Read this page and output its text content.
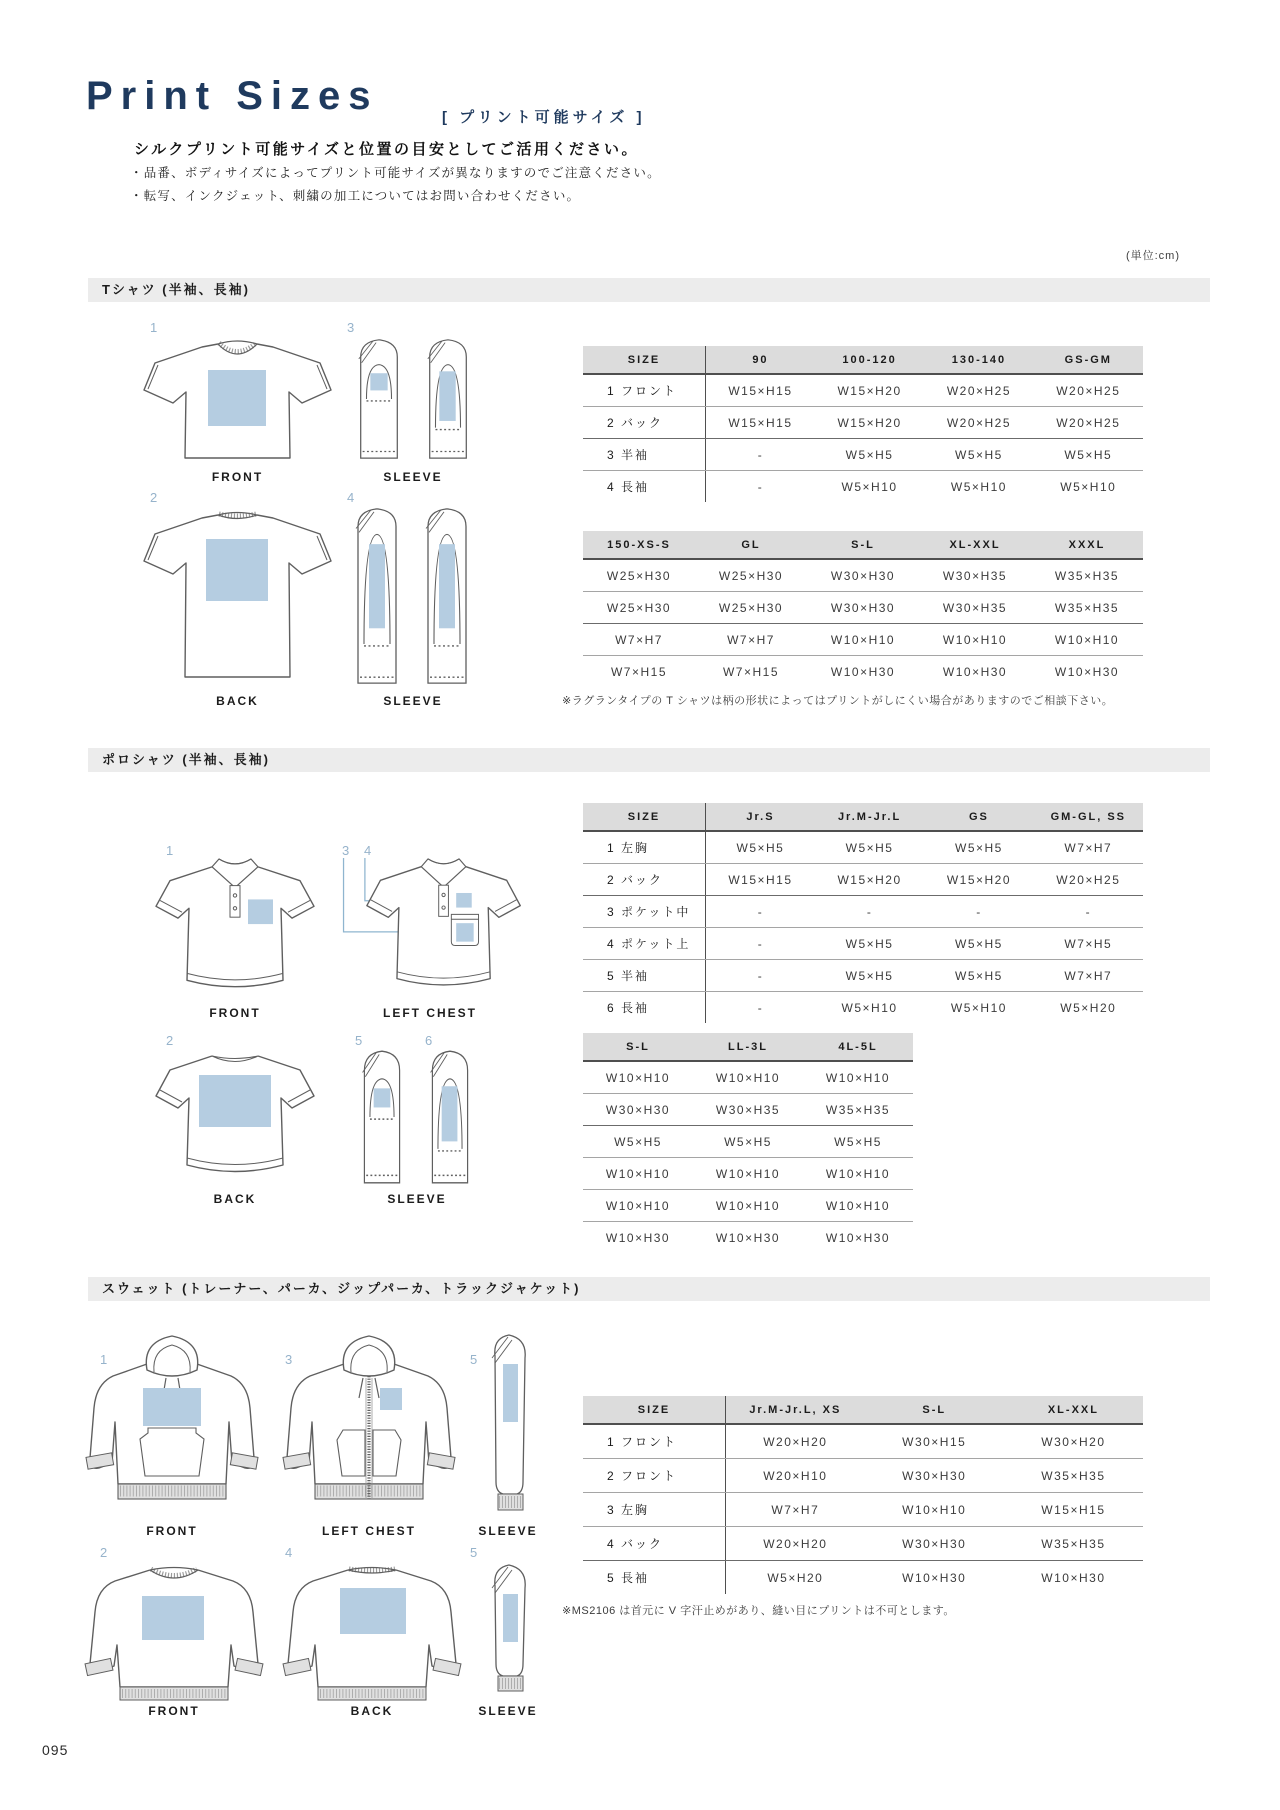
Print Sizes	[ プリント可能サイズ ]
シルクプリント可能サイズと位置の目安としてご活用ください。
・品番、ボディサイズによってプリント可能サイズが異なりますのでご注意ください。
・転写、インクジェット、刺繍の加工についてはお問い合わせください。
(単位:cm)
Tシャツ (半袖、長袖)
1
FRONT
3
SLEEVE
2
BACK
4
SLEEVE
SIZE	90	100-120	130-140	GS-GM
1 フロント	W15×H15	W15×H20	W20×H25	W20×H25
2 バック	W15×H15	W15×H20	W20×H25	W20×H25
3 半袖	-	W5×H5	W5×H5	W5×H5
4 長袖	-	W5×H10	W5×H10	W5×H10
150-XS-S	GL	S-L	XL-XXL	XXXL
W25×H30	W25×H30	W30×H30	W30×H35	W35×H35
W25×H30	W25×H30	W30×H30	W30×H35	W35×H35
W7×H7	W7×H7	W10×H10	W10×H10	W10×H10
W7×H15	W7×H15	W10×H30	W10×H30	W10×H30
※ラグランタイプの T シャツは柄の形状によってはプリントがしにくい場合がありますのでご相談下さい。
ポロシャツ (半袖、長袖)
1
FRONT
3 4
LEFT CHEST
2
BACK
5	6
SLEEVE
SIZE	Jr.S	Jr.M-Jr.L	GS	GM-GL, SS
1 左胸	W5×H5	W5×H5	W5×H5	W7×H7
2 バック	W15×H15	W15×H20	W15×H20	W20×H25
3 ポケット中	-	-	-	-
4 ポケット上	-	W5×H5	W5×H5	W7×H5
5 半袖	-	W5×H5	W5×H5	W7×H7
6 長袖	-	W5×H10	W5×H10	W5×H20
S-L	LL-3L	4L-5L
W10×H10	W10×H10	W10×H10
W30×H30	W30×H35	W35×H35
W5×H5	W5×H5	W5×H5
W10×H10	W10×H10	W10×H10
W10×H10	W10×H10	W10×H10
W10×H30	W10×H30	W10×H30
スウェット (トレーナー、パーカ、ジップパーカ、トラックジャケット)
1
FRONT
3
LEFT CHEST
5
SLEEVE
2
FRONT
4
BACK
5
SLEEVE
SIZE	Jr.M-Jr.L, XS	S-L	XL-XXL
1 フロント	W20×H20	W30×H15	W30×H20
2 フロント	W20×H10	W30×H30	W35×H35
3 左胸	W7×H7	W10×H10	W15×H15
4 バック	W20×H20	W30×H30	W35×H35
5 長袖	W5×H20	W10×H30	W10×H30
※MS2106 は首元に V 字汗止めがあり、縫い目にプリントは不可とします。
095
